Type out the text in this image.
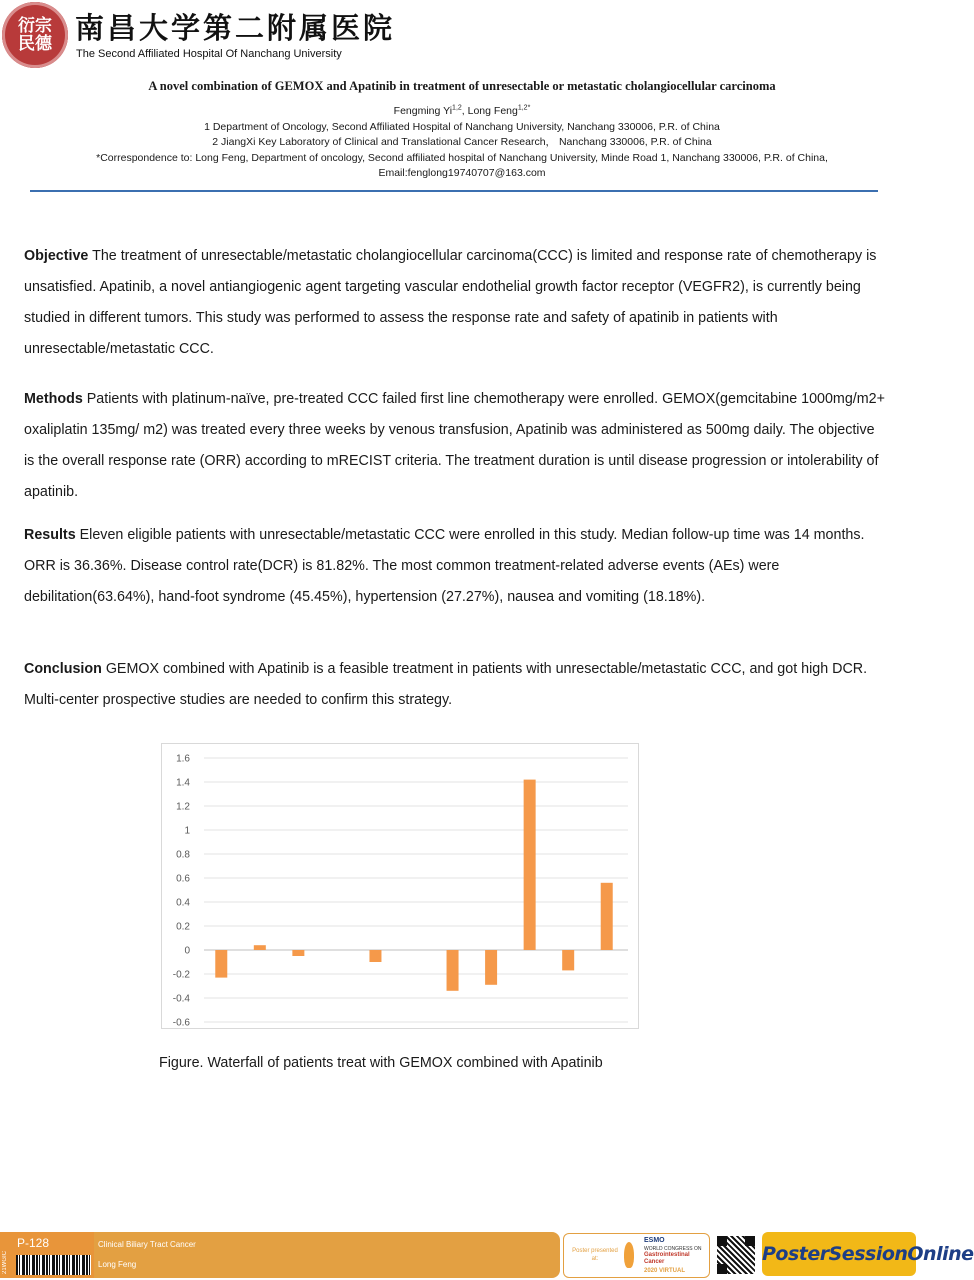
衍 宗
民 德 南昌大学第二附属医院
The Second Affiliated Hospital Of Nanchang University
A novel combination of GEMOX and Apatinib in treatment of unresectable or metastatic cholangiocellular carcinoma
Fengming Yi$^{1,2}$, Long Feng$^{1,2*}$
1 Department of Oncology, Second Affiliated Hospital of Nanchang University, Nanchang 330006, P.R. of China
2 JiangXi Key Laboratory of Clinical and Translational Cancer Research， Nanchang 330006, P.R. of China
*Correspondence to: Long Feng, Department of oncology, Second affiliated hospital of Nanchang University, Minde Road 1, Nanchang 330006, P.R. of China,
Email:fenglong19740707@163.com
Objective The treatment of unresectable/metastatic cholangiocellular carcinoma(CCC) is limited and response rate of chemotherapy is unsatisfied. Apatinib, a novel antiangiogenic agent targeting vascular endothelial growth factor receptor (VEGFR2), is currently being studied in different tumors. This study was performed to assess the response rate and safety of apatinib in patients with unresectable/metastatic CCC.
Methods Patients with platinum-naïve, pre-treated CCC failed first line chemotherapy were enrolled. GEMOX(gemcitabine 1000mg/m2+ oxaliplatin 135mg/ m2) was treated every three weeks by venous transfusion, Apatinib was administered as 500mg daily. The objective is the overall response rate (ORR) according to mRECIST criteria. The treatment duration is until disease progression or intolerability of apatinib.
Results Eleven eligible patients with unresectable/metastatic CCC were enrolled in this study. Median follow-up time was 14 months. ORR is 36.36%. Disease control rate(DCR) is 81.82%. The most common treatment-related adverse events (AEs) were debilitation(63.64%), hand-foot syndrome (45.45%), hypertension (27.27%), nausea and vomiting (18.18%).
Conclusion GEMOX combined with Apatinib is a feasible treatment in patients with unresectable/metastatic CCC, and got high DCR. Multi-center prospective studies are needed to confirm this strategy.
1.6
1.4
1.2
1
0.8
0.6
0.4
0.2
0
-0.2
-0.4
-0.6
Figure. Waterfall of patients treat with GEMOX combined with Apatinib
21WGIC
P-128	Clinical Biliary Tract Cancer
Long Feng
Poster presented at:
ESMO
WORLD CONGRESS ON
Gastrointestinal Cancer
2020 VIRTUAL
PosterSessionOnline
